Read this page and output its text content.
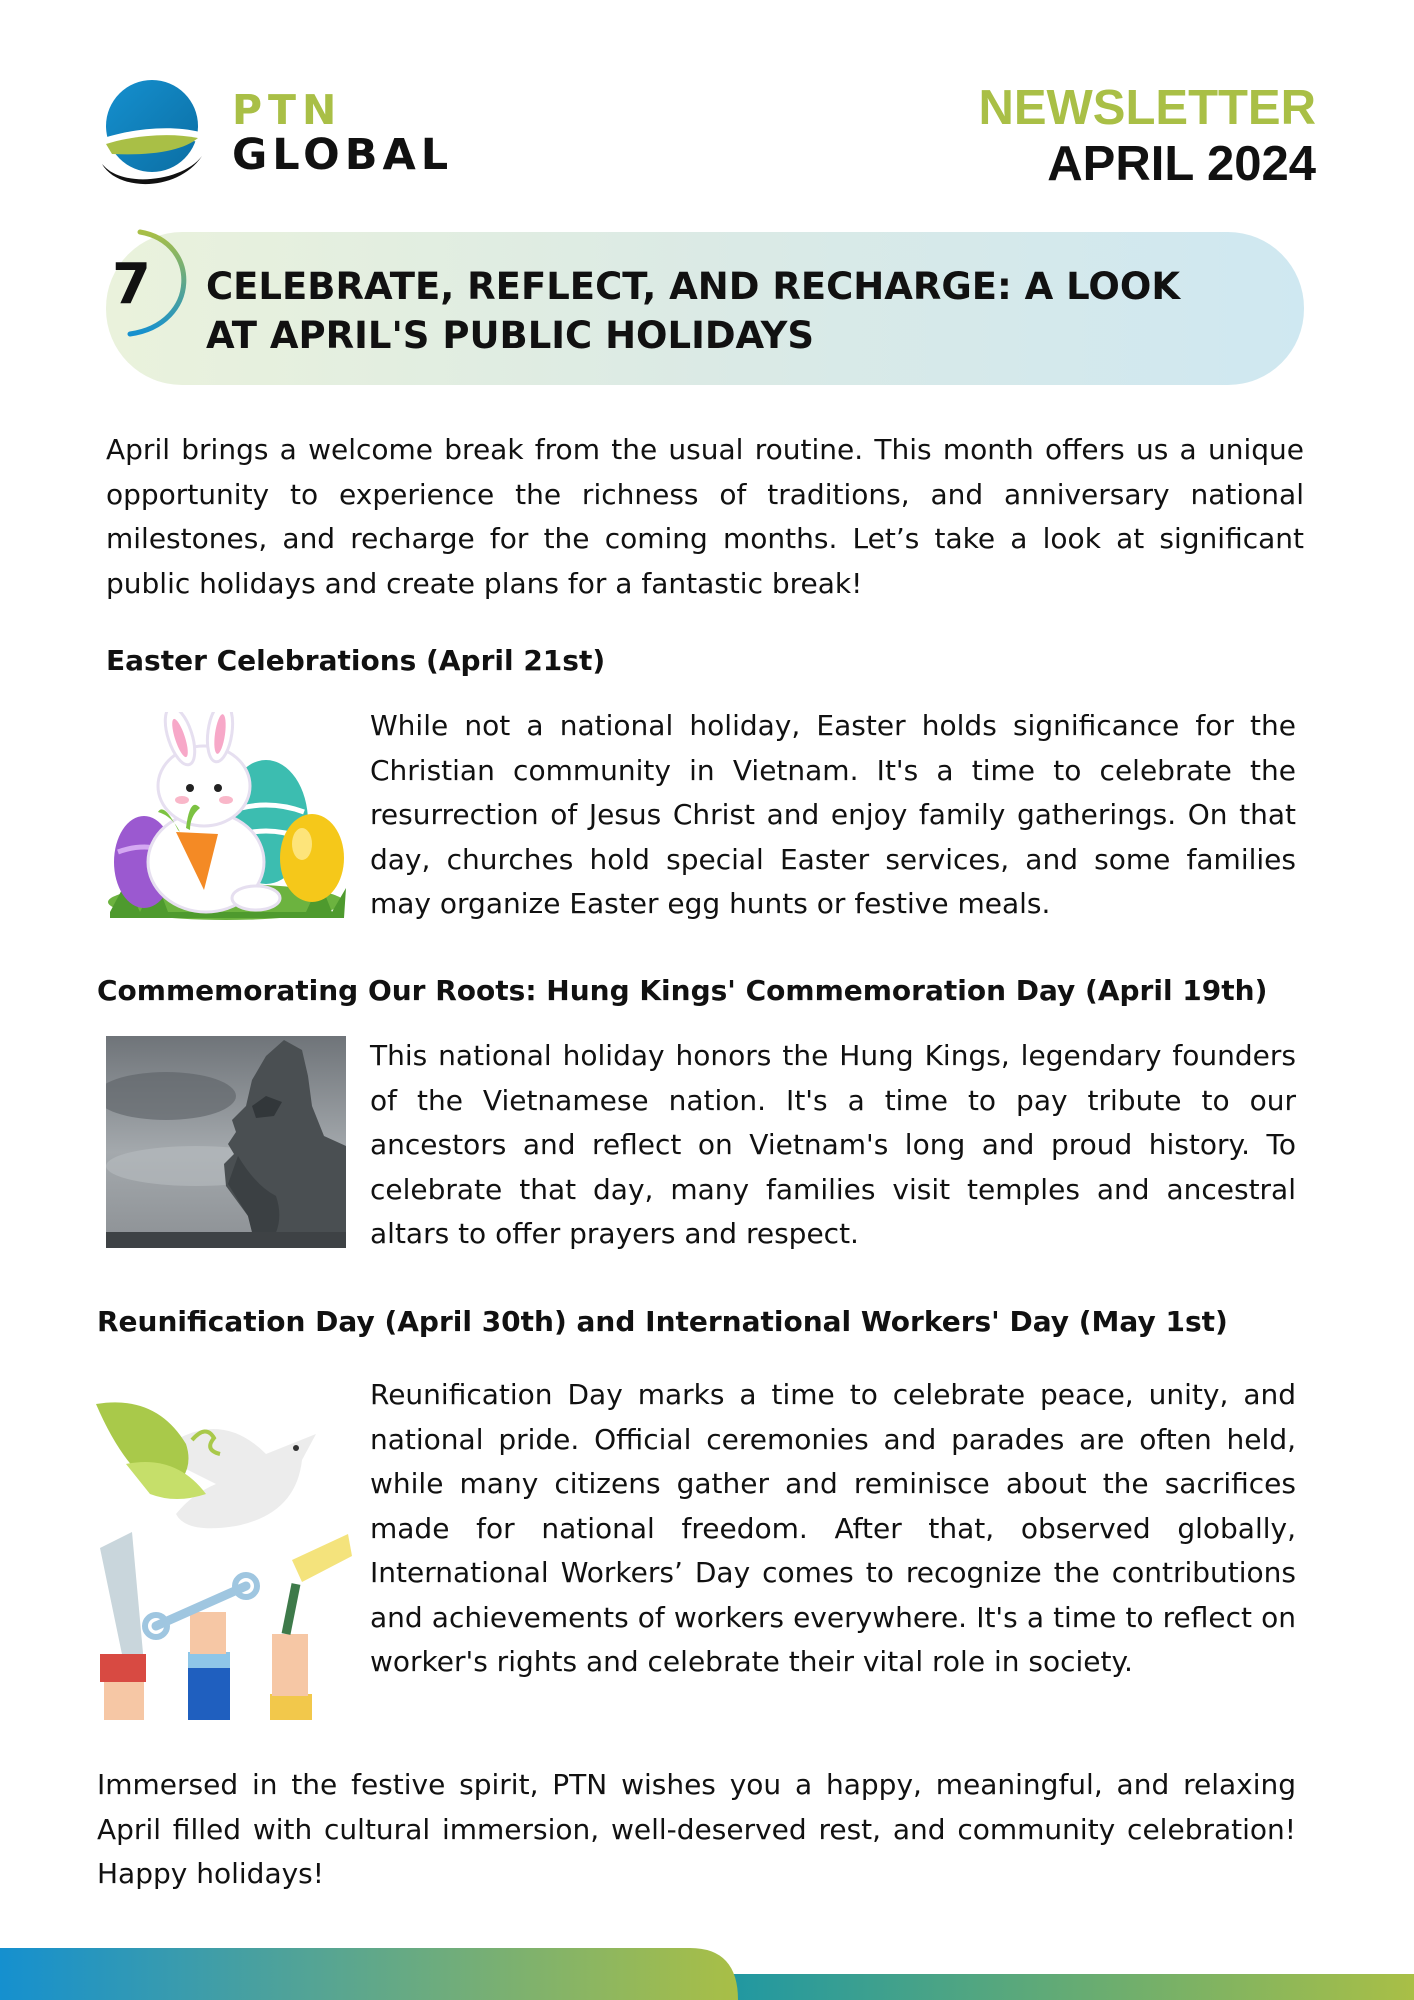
PTN
GLOBAL
NEWSLETTER
APRIL 2024
7 CELEBRATE, REFLECT, AND RECHARGE: A LOOK AT APRIL'S PUBLIC HOLIDAYS

April brings a welcome break from the usual routine. This month offers us a unique opportunity to experience the richness of traditions, and anniversary national milestones, and recharge for the coming months. Let’s take a look at significant public holidays and create plans for a fantastic break!

Easter Celebrations (April 21st)

While not a national holiday, Easter holds significance for the Christian community in Vietnam. It's a time to celebrate the resurrection of Jesus Christ and enjoy family gatherings. On that day, churches hold special Easter services, and some families may organize Easter egg hunts or festive meals.

Commemorating Our Roots: Hung Kings' Commemoration Day (April 19th)

This national holiday honors the Hung Kings, legendary founders of the Vietnamese nation. It's a time to pay tribute to our ancestors and reflect on Vietnam's long and proud history. To celebrate that day, many families visit temples and ancestral altars to offer prayers and respect.

Reunification Day (April 30th) and International Workers' Day (May 1st)

Reunification Day marks a time to celebrate peace, unity, and national pride. Official ceremonies and parades are often held, while many citizens gather and reminisce about the sacrifices made for national freedom. After that, observed globally, International Workers’ Day comes to recognize the contributions and achievements of workers everywhere. It's a time to reflect on worker's rights and celebrate their vital role in society.

Immersed in the festive spirit, PTN wishes you a happy, meaningful, and relaxing April filled with cultural immersion, well-deserved rest, and community celebration! Happy holidays!
